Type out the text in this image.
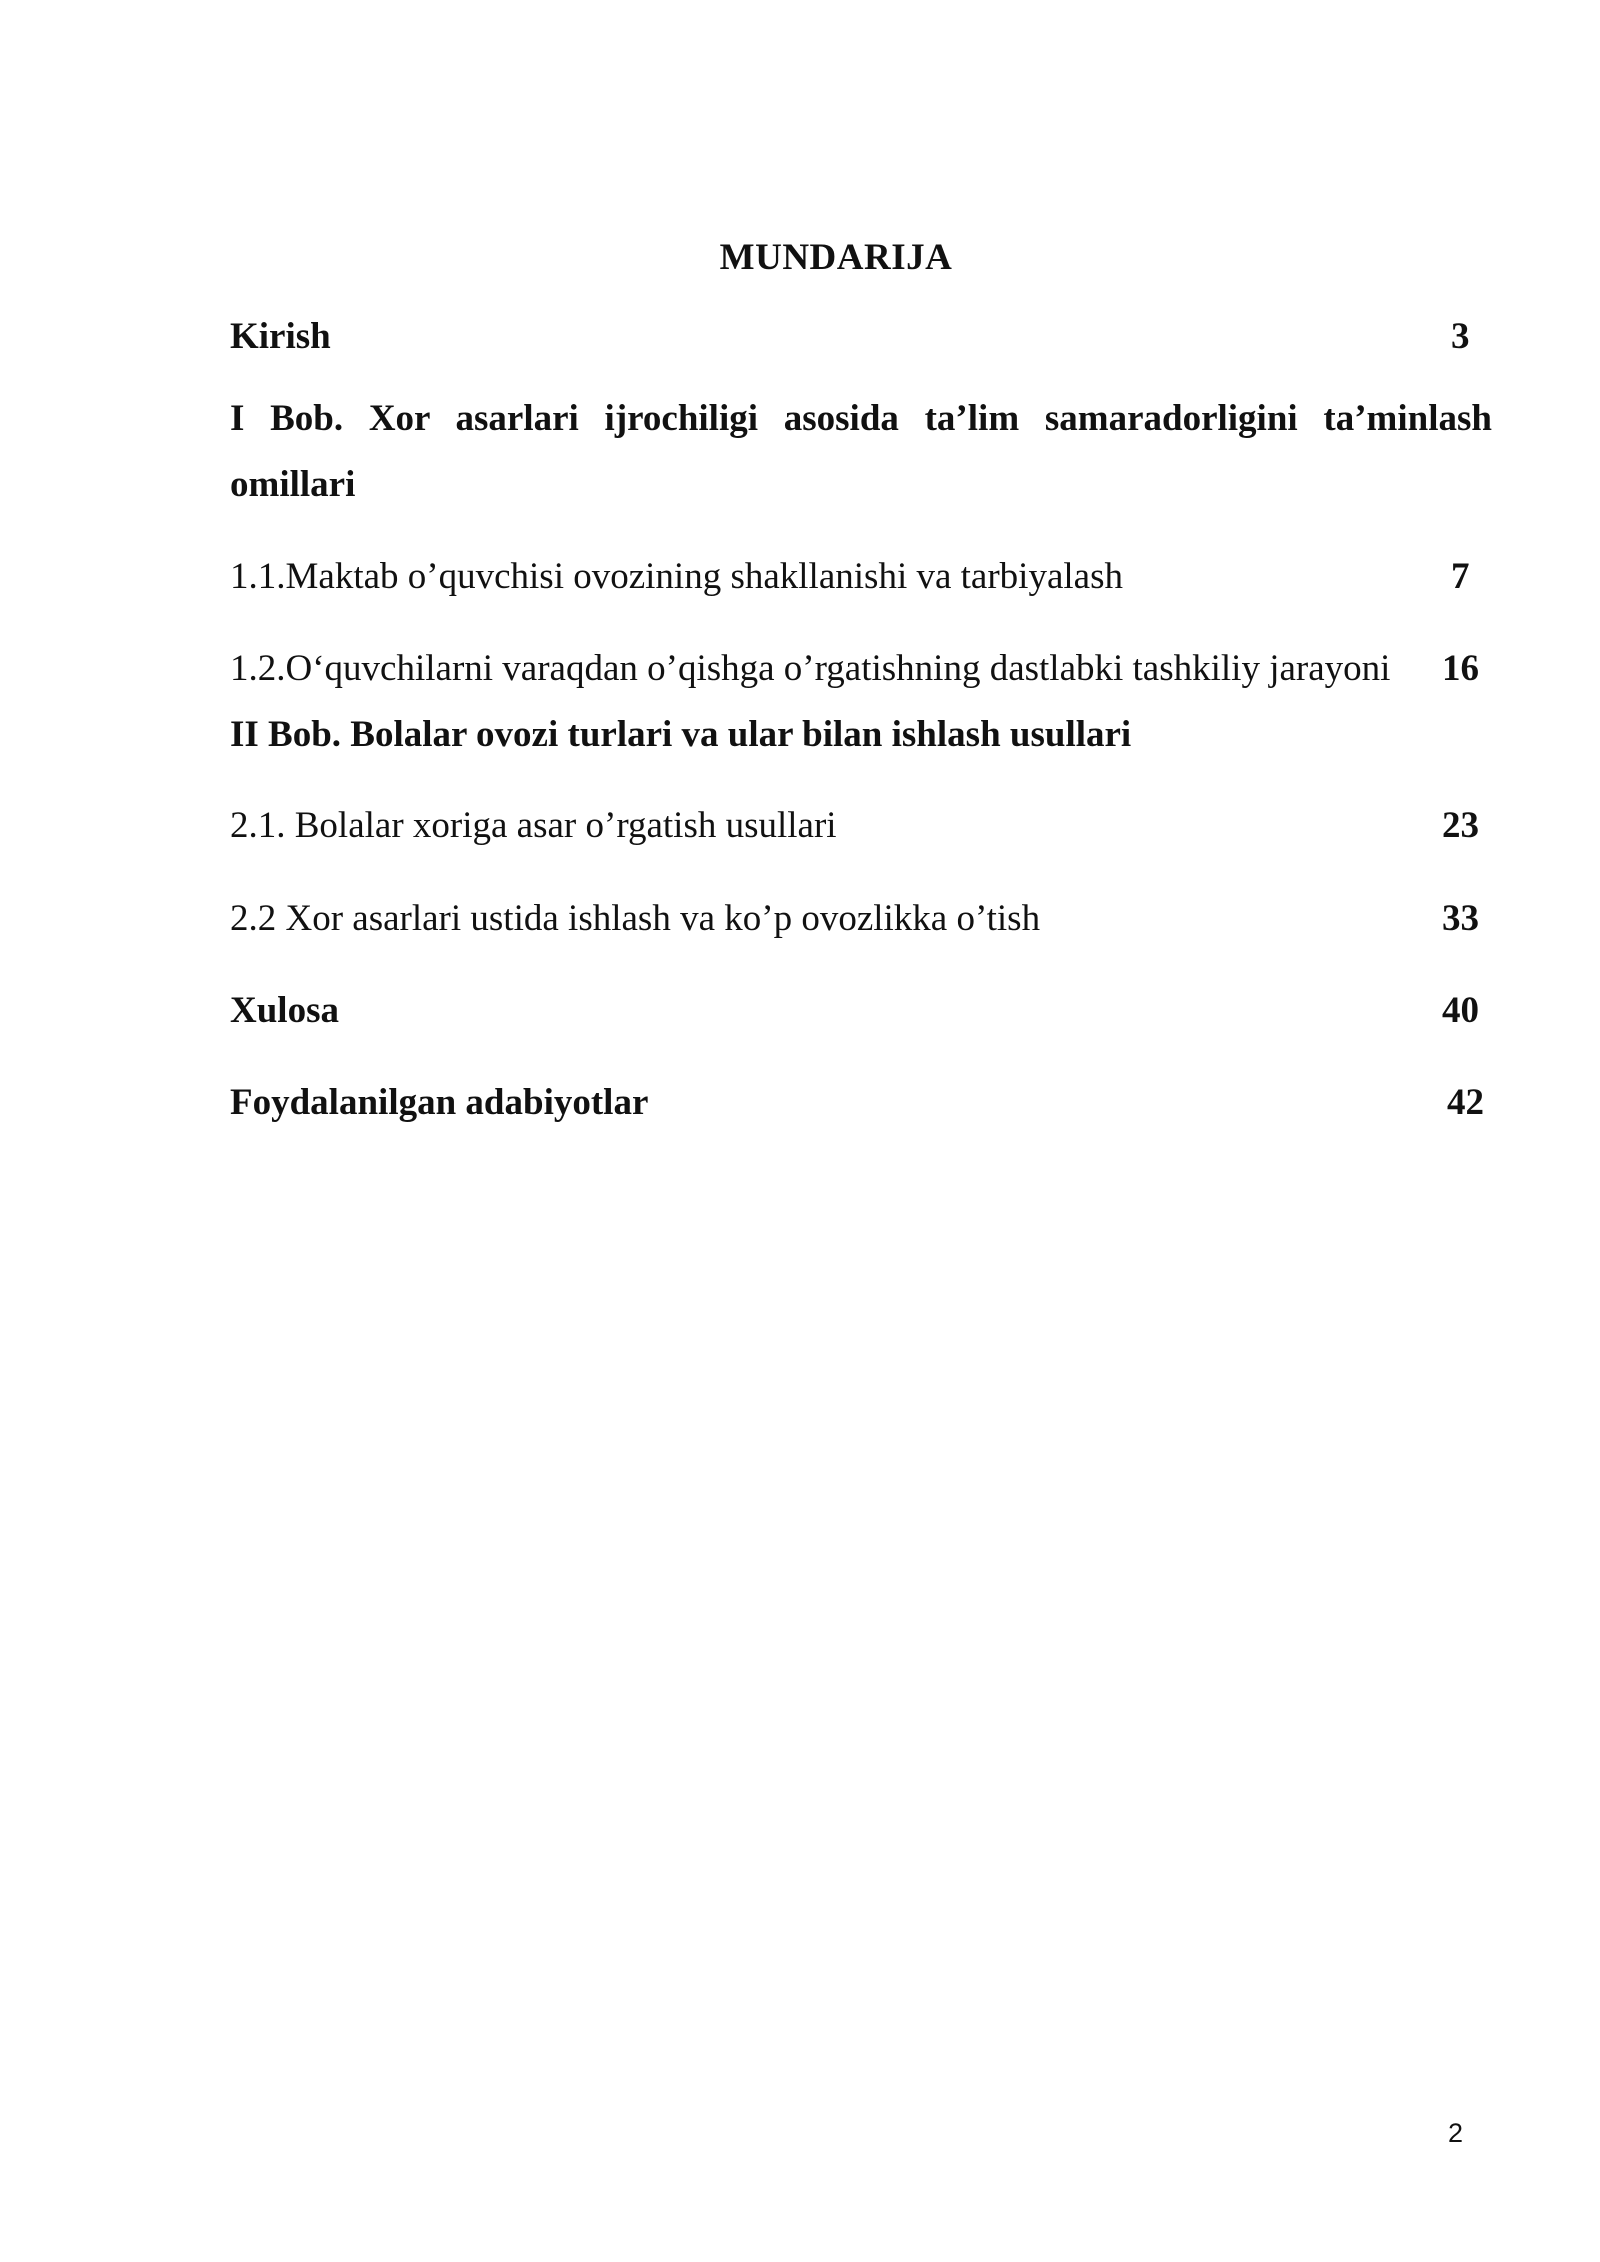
MUNDARIJA
Kirish	3
I Bob. Xor asarlari ijrochiligi asosida ta’lim samaradorligini ta’minlash
omillari
1.1.Maktab o’quvchisi ovozining shakllanishi va tarbiyalash	7
1.2.O‘quvchilarni varaqdan o’qishga o’rgatishning dastlabki tashkiliy jarayoni 16
II Bob. Bolalar ovozi turlari va ular bilan ishlash usullari
2.1. Bolalar xoriga asar o’rgatish usullari	23
2.2 Xor asarlari ustida ishlash va ko’p ovozlikka o’tish	33
Xulosa	40
Foydalanilgan adabiyotlar	42
2
